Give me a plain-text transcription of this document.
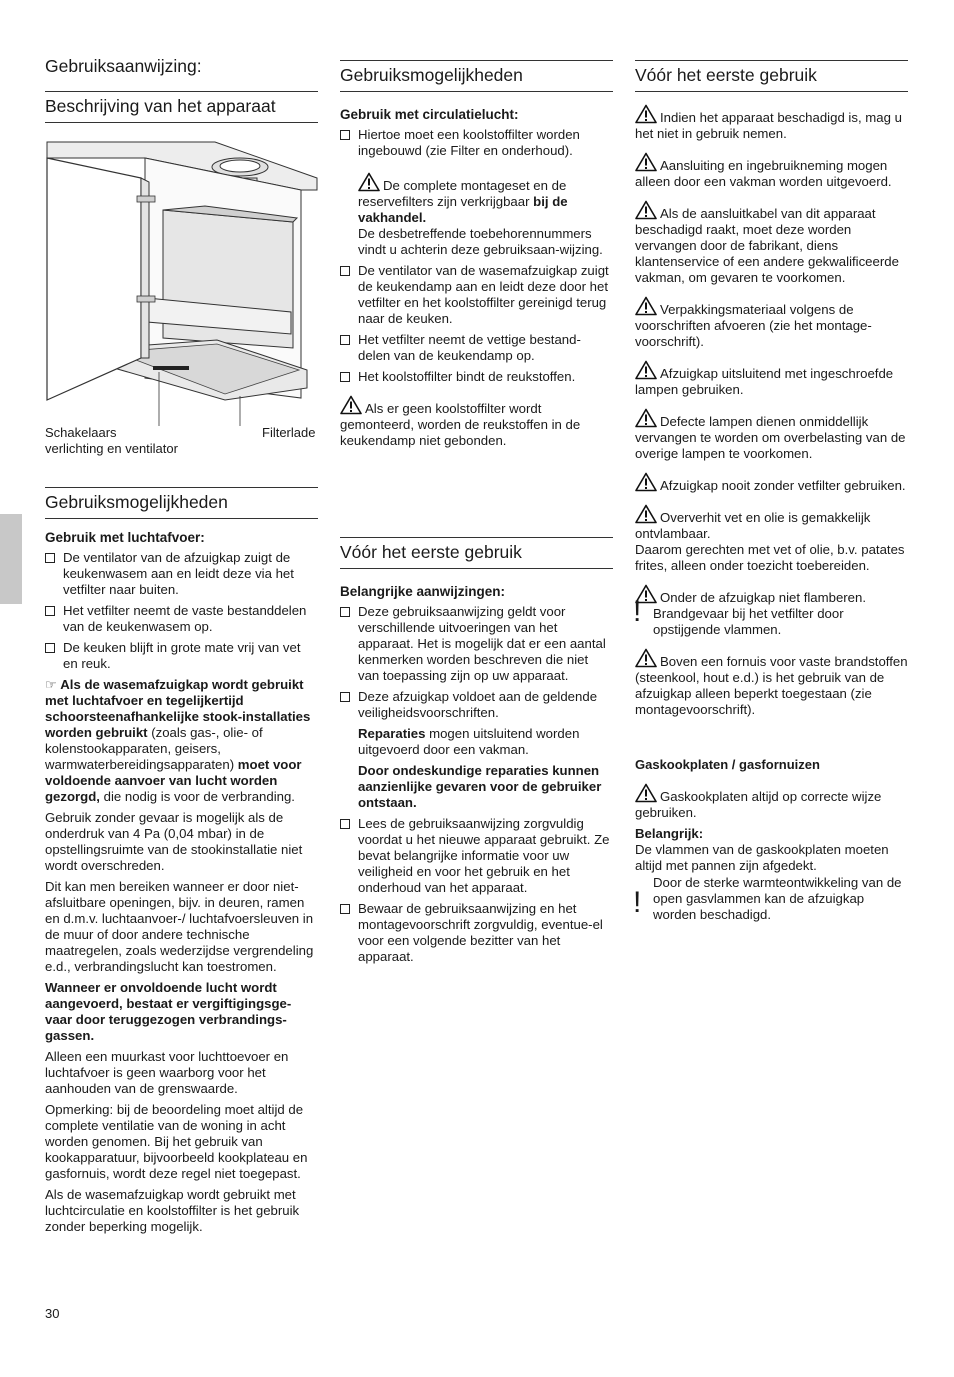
Gebruiksaanwijzing:
Beschrijving van het apparaat
Schakelaars
verlichting en ventilator
Filterlade
Gebruiksmogelijkheden
Gebruik met luchtafvoer:
De ventilator van de afzuigkap zuigt de keukenwasem aan en leidt deze via het vetfilter naar buiten.
Het vetfilter neemt de vaste bestanddelen van de keukenwasem op.
De keuken blijft in grote mate vrij van vet en reuk.

☞ Als de wasemafzuigkap wordt gebruikt met luchtafvoer en tegelijkertijd schoorsteenafhankelijke stook-installaties worden gebruikt (zoals gas-, olie- of kolenstookapparaten, geisers, warmwaterbereidingsapparaten) moet voor voldoende aanvoer van lucht worden gezorgd, die nodig is voor de verbranding.

Gebruik zonder gevaar is mogelijk als de onderdruk van 4 Pa (0,04 mbar) in de opstellingsruimte van de stookinstallatie niet wordt overschreden.

Dit kan men bereiken wanneer er door niet-afsluitbare openingen, bijv. in deuren, ramen en d.m.v. luchtaanvoer-/ luchtafvoersleuven in de muur of door andere technische maatregelen, zoals wederzijdse vergrendeling e.d., verbrandingslucht kan toestromen.

Wanneer er onvoldoende lucht wordt aangevoerd, bestaat er vergiftigingsge-vaar door teruggezogen verbrandings-gassen.

Alleen een muurkast voor luchttoevoer en luchtafvoer is geen waarborg voor het aanhouden van de grenswaarde.

Opmerking: bij de beoordeling moet altijd de complete ventilatie van de woning in acht worden genomen. Bij het gebruik van kookapparatuur, bijvoorbeeld kookplateau en gasfornuis, wordt deze regel niet toegepast.

Als de wasemafzuigkap wordt gebruikt met luchtcirculatie en koolstoffilter is het gebruik zonder beperking mogelijk.

30
Gebruiksmogelijkheden
Gebruik met circulatielucht:
Hiertoe moet een koolstoffilter worden ingebouwd (zie Filter en onderhoud).
De complete montageset en de reservefilters zijn verkrijgbaar bij de vakhandel.
De desbetreffende toebehorennummers vindt u achterin deze gebruiksaan-wijzing.
De ventilator van de wasemafzuigkap zuigt de keukendamp aan en leidt deze door het vetfilter en het koolstoffilter gereinigd terug naar de keuken.
Het vetfilter neemt de vettige bestand-delen van de keukendamp op.
Het koolstoffilter bindt de reukstoffen.

Als er geen koolstoffilter wordt gemonteerd, worden de reukstoffen in de keukendamp niet gebonden.

Vóór het eerste gebruik
Belangrijke aanwijzingen:
Deze gebruiksaanwijzing geldt voor verschillende uitvoeringen van het apparaat. Het is mogelijk dat er een aantal kenmerken worden beschreven die niet van toepassing zijn op uw apparaat.
Deze afzuigkap voldoet aan de geldende veiligheidsvoorschriften.
Reparaties mogen uitsluitend worden uitgevoerd door een vakman.
Door ondeskundige reparaties kunnen aanzienlijke gevaren voor de gebruiker ontstaan.
Lees de gebruiksaanwijzing zorgvuldig voordat u het nieuwe apparaat gebruikt. Ze bevat belangrijke informatie voor uw veiligheid en voor het gebruik en het onderhoud van het apparaat.
Bewaar de gebruiksaanwijzing en het montagevoorschrift zorgvuldig, eventue-el voor een volgende bezitter van het apparaat.
Vóór het eerste gebruik

Indien het apparaat beschadigd is, mag u het niet in gebruik nemen.

Aansluiting en ingebruikneming mogen alleen door een vakman worden uitgevoerd.

Als de aansluitkabel van dit apparaat beschadigd raakt, moet deze worden vervangen door de fabrikant, diens klantenservice of een andere gekwalificeerde vakman, om gevaren te voorkomen.

Verpakkingsmateriaal volgens de voorschriften afvoeren (zie het montage-voorschrift).

Afzuigkap uitsluitend met ingeschroefde lampen gebruiken.

Defecte lampen dienen onmiddellijk vervangen te worden om overbelasting van de overige lampen te voorkomen.

Afzuigkap nooit zonder vetfilter gebruiken.

Oververhit vet en olie is gemakkelijk ontvlambaar.

Daarom gerechten met vet of olie, b.v. patates frites, alleen onder toezicht toebereiden.

Onder de afzuigkap niet flamberen.

! Brandgevaar bij het vetfilter door opstijgende vlammen.

Boven een fornuis voor vaste brandstoffen (steenkool, hout e.d.) is het gebruik van de afzuigkap alleen beperkt toegestaan (zie montagevoorschrift).

Gaskookplaten / gasfornuizen

Gaskookplaten altijd op correcte wijze gebruiken.

Belangrijk:

De vlammen van de gaskookplaten moeten altijd met pannen zijn afgedekt.

!

Door de sterke warmteontwikkeling van de open gasvlammen kan de afzuigkap worden beschadigd.
